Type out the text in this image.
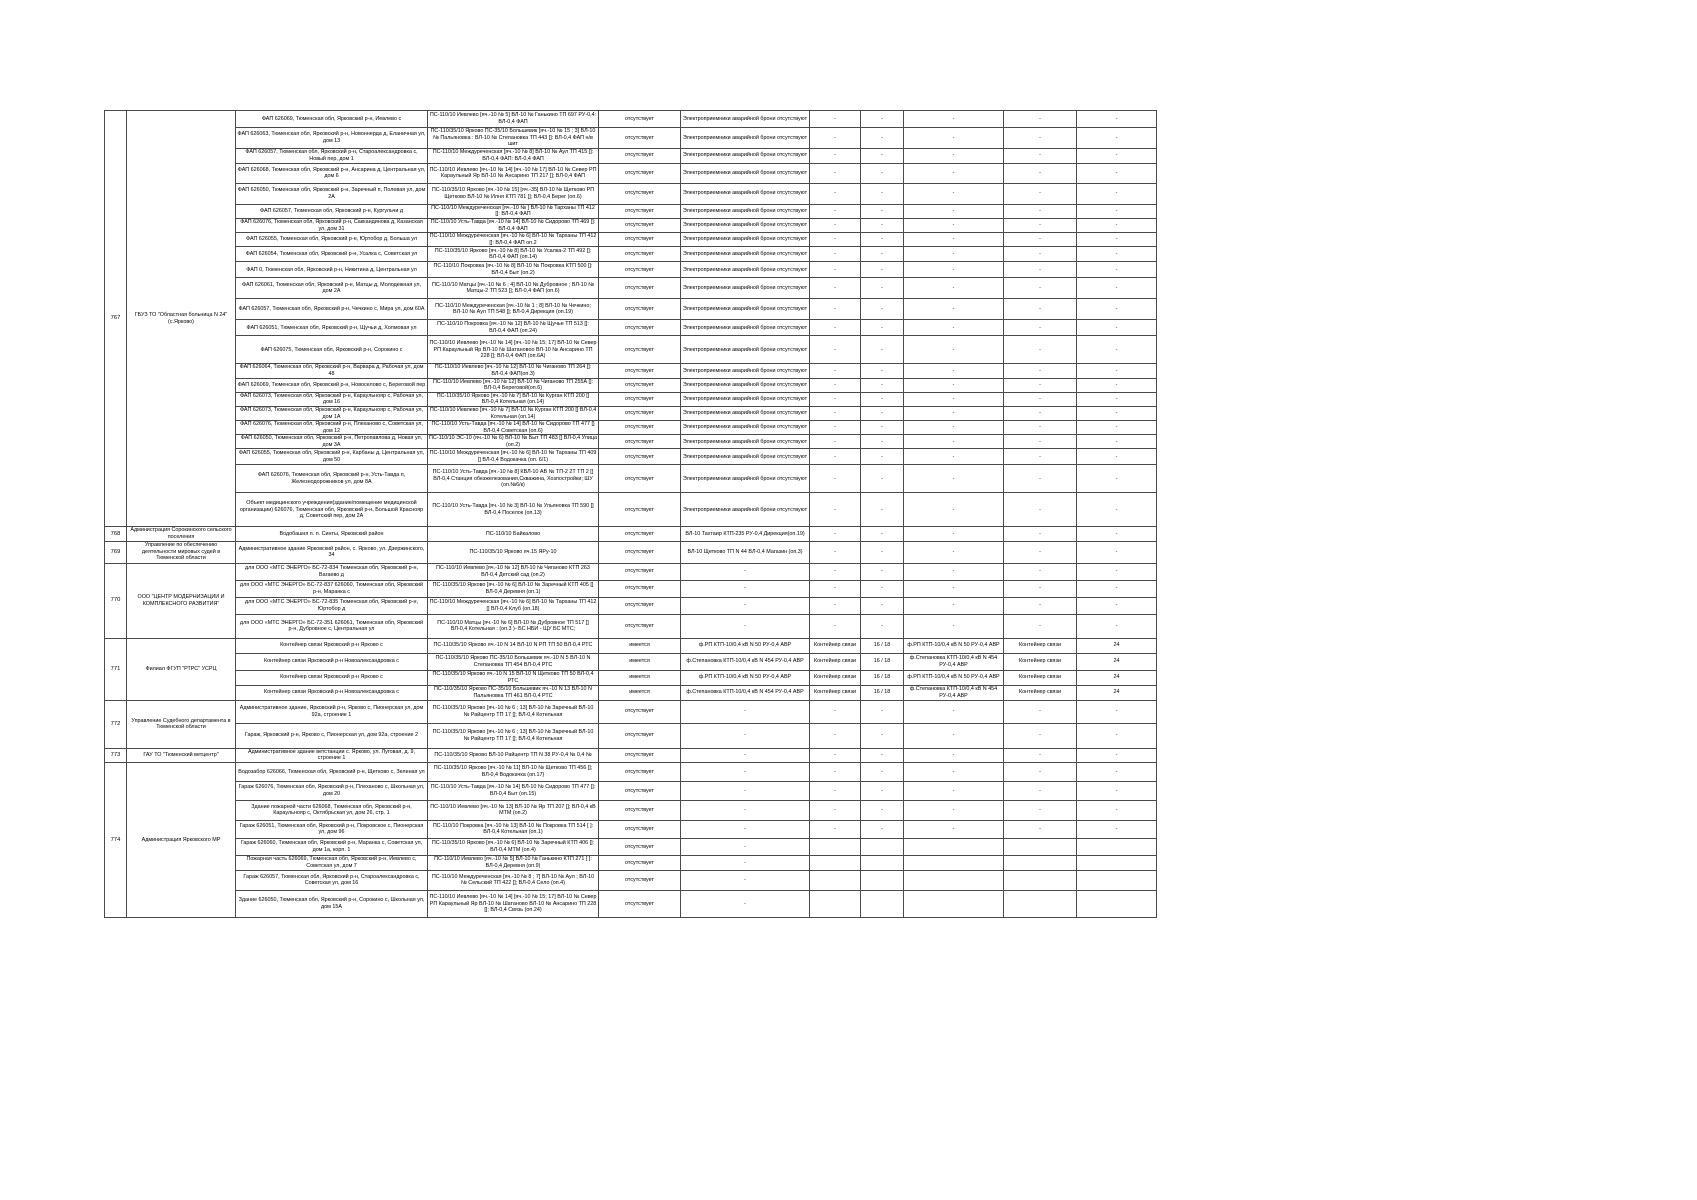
767	ГБУЗ ТО "Областная больница N 24" (с.Ярково)	ФАП 626069, Тюменская обл, Ярковский р-н, Иевлево с	ПС-110/10 Иевлево [яч.-10 № 5] ВЛ-10 № Ганькино ТП 697 РУ-0,4: ВЛ-0,4 ФАП	отсутствует	Электроприемники аварийной брони отсутствуют	-	-	-	-	-
		ФАП 626063, Тюменская обл, Ярковский р-н, Новоннерда д, Еланичная ул, дом 13	ПС-110/35/10 Ярково ПС-35/10 Большевик [яч.-10 № 15 ; 3] ВЛ-10 № Пальяновка : ВЛ-10 № Степановка ТП 443 []: ВЛ-0,4 ФАП н/в шит	отсутствует	Электроприемники аварийной брони отсутствуют	-	-	-	-	-
		ФАП 626057, Тюменская обл, Ярковский р-н, Староалександровка с, Новый пер, дом 1	ПС-110/10 Междуреченская [яч.-10 № 8] ВЛ-10 № Аул ТП 415 []: ВЛ-0,4 ФАП: ВЛ-0,4 ФАП	отсутствует	Электроприемники аварийной брони отсутствуют	-	-	-	-	-
		ФАП 626068, Тюменская обл, Ярковский р-н, Ансарина д, Центральная ул, дом 6	ПС-110/10 Иевлево [яч.-10 № 14] [яч.-10 № 17] ВЛ-10 № Север РП Караульный Яр ВЛ-10 № Ансарино ТП 217 []; ВЛ-0,4 ФАП	отсутствует	Электроприемники аварийной брони отсутствуют	-	-	-	-	-
		ФАП 626050, Тюменская обл, Ярковский р-н, Заречный п, Полевая ул, дом 2А	ПС-110/35/10 Ярково [яч.-10 № 15] [яч.-35] ВЛ-10 № Щетково РП Щетково ВЛ-10 № Илня КТП 781 []; ВЛ-0,4 Берег (оп.6)	отсутствует	Электроприемники аварийной брони отсутствуют	-	-	-	-	-
		ФАП 626057, Тюменская обл, Ярковский р-н, Кургульчи д	ПС-110/10 Междуреченская [яч.-10 № ] ВЛ-10 № Тарханы ТП 412 []: ВЛ-0,4 ФАП	отсутствует	Электроприемники аварийной брони отсутствуют	-	-	-	-	-
		ФАП 626076, Тюменская обл, Ярковский р-н, Саккандинова д, Казанская ул, дом 31	ПС-110/10 Усть-Тавда [яч.-10 № 14] ВЛ-10 № Сидорово ТП 469 []: ВЛ-0,4 ФАП	отсутствует	Электроприемники аварийной брони отсутствуют	-	-	-	-	-
		ФАП 626055, Тюменская обл, Ярковский р-н, Юртобор д, Больша ул	ПС-110/10 Междуреченская [яч.-10 № 6] ВЛ-10 № Тарханы ТП 412 []: ВЛ-0,4 ФАП оп.2	отсутствует	Электроприемники аварийной брони отсутствуют	-	-	-	-	-
		ФАП 626054, Тюменская обл, Ярковский р-н, Усалка с, Советская ул	ПС-110/35/10 Ярково [яч.-10 № 8] ВЛ-10 № Усалка-2 ТП 492 []: ВЛ-0,4 ФАП (оп.14)	отсутствует	Электроприемники аварийной брони отсутствуют	-	-	-	-	-
		ФАП 0, Тюменская обл, Ярковский р-н, Никитина д, Центральная ул	ПС-110/10 Покровка [яч.-10 № 8] ВЛ-10 № Покровка КТП 500 []: ВЛ-0,4 Быт (оп.2)	отсутствует	Электроприемники аварийной брони отсутствуют	-	-	-	-	-
		ФАП 626061, Тюменская обл, Ярковский р-н, Матцы д, Молодежная ул, дом 2А	ПС-110/10 Матцы [яч.-10 № 6 ; 4] ВЛ-10 № Дубровное ; ВЛ-10 № Матцы-2 ТП 523 []; ВЛ-0,4 ФАП (оп.6)	отсутствует	Электроприемники аварийной брони отсутствуют	-	-	-	-	-
		ФАП 626057, Тюменская обл, Ярковский р-н, Чечкино с, Мира ул, дом 60А	ПС-110/10 Междуреченская [яч.-10 № 1 ; 8] ВЛ-10 № Чечкино; ВЛ-10 № Аул ТП 548 []; ВЛ-0,4 Дирекция (оп.19)	отсутствует	Электроприемники аварийной брони отсутствуют	-	-	-	-	-
		ФАП 626051, Тюменская обл, Ярковский р-н, Щучьи д, Холмовая ул	ПС-110/10 Покровка [яч.-10 № 12] ВЛ-10 № Щучье ТП 513 []: ВЛ-0,4 ФАП (оп.24)	отсутствует	Электроприемники аварийной брони отсутствуют	-	-	-	-	-
		ФАП 626075, Тюменская обл, Ярковский р-н, Сорокино с	ПС-110/10 Иевлево [яч.-10 № 14] [яч.-10 № 15; 17] ВЛ-10 № Север РП Караульный Яр ВЛ-10 № Шатановоо ВЛ-10 № Ансарино ТП 228 []; ВЛ-0,4 ФАП (оп.6А)	отсутствует	Электроприемники аварийной брони отсутствуют	-	-	-	-	-
		ФАП 626064, Тюменская обл, Ярковский р-н, Варвара д, Рабочая ул, дом 48	ПС-110/10 Иевлево [яч.-10 № 12] ВЛ-10 № Чиганово ТП 264 []: ВЛ-0,4 ФАП(оп.3)	отсутствует	Электроприемники аварийной брони отсутствуют	-	-	-	-	-
		ФАП 626069, Тюменская обл, Ярковский р-н, Новоселово с, Береговой пер	ПС-110/10 Иевлево [яч.-10 № 12] ВЛ-10 № Чиганово ТП 255А []: ВЛ-0,4 Береговой(оп.6)	отсутствует	Электроприемники аварийной брони отсутствуют	-	-	-	-	-
		ФАП 626073, Тюменская обл, Ярковский р-н, Караульнояр с, Рабочая ул, дом 16	ПС-110/35/10 Ярково [яч.-10 № 7] ВЛ-10 № Курган КТП 200 [] ВЛ-0,4 Котельная (оп.14)	отсутствует	Электроприемники аварийной брони отсутствуют	-	-	-	-	-
		ФАП 626073, Тюменская обл, Ярковский р-н, Караульнояр с, Рабочая ул, дом 1А	ПС-110/10 Иевлево [яч.-10 № 7] ВЛ-10 № Курган КТП 200 [] ВЛ-0,4 Котельная (оп.14)	отсутствует	Электроприемники аварийной брони отсутствуют	-	-	-	-	-
		ФАП 626076, Тюменская обл, Ярковский р-н, Плеханово с, Советская ул, дом 12	ПС-110/10 Усть-Тавда [яч.-10 № 14] ВЛ-10 № Сидорово ТП 477 [] ВЛ-0,4 Советская (оп.6)	отсутствует	Электроприемники аварийной брони отсутствуют	-	-	-	-	-
		ФАП 626050, Тюменская обл, Ярковский р-н, Петропавлова д, Новая ул, дом 3А	ПС-110/10 ЭС-10 (яч.-10 № 6) ВЛ-10 № Быт ТП 483 [] ВЛ-0,4 Улица (оп.2)	отсутствует	Электроприемники аварийной брони отсутствуют	-	-	-	-	-
		ФАП 626055, Тюменская обл, Ярковский р-н, Карбаны д, Центральная ул, дом 50	ПС-110/10 Междуреченская [яч.-10 № 6] ВЛ-10 № Тарханы ТП 409 [] ВЛ-0,4 Водокачка (оп. 6/1)	отсутствует	Электроприемники аварийной брони отсутствуют	-	-	-	-	-
		ФАП 626076, Тюменская обл, Ярковский р-н, Усть-Тавда п, Железнодорожников ул, дом 8А	ПС-110/10 Усть-Тавда [яч.-10 № 8] КВЛ-10 АВ № ТП-2 2Т ТП 2 [] ВЛ-0,4 Станция обезжелезования,Скважина, Хозпостройки; ШУ (оп.№6/к)	отсутствует	Электроприемники аварийной брони отсутствуют	-	-	-	-	-
		Объект медицинского учреждения(здание/помещение медицинской организации) 626076, Тюменская обл, Ярковский р-н, Большой Краснояр д, Советский пер, дом 2А	ПС-110/10 Усть-Тавда [яч.-10 № 3] ВЛ-10 № Ульяновка ТП 590 [] ВЛ-0,4 Поселок (оп.13)	отсутствует	Электроприемники аварийной брони отсутствуют	-	-	-	-	-
768	Администрация Сорокинского сельского поселения	Водобашня п. п. Синты, Ярковский район	ПС-110/10 Байкалово	отсутствует	ВЛ-10 Тахтаир КТП-235 РУ-0,4 Дирекция(оп.19)	-	-	-	-	-
769	Управление по обеспечению деятельности мировых судей в Тюменской области	Административное здание Ярковский район, с. Ярково, ул. Дзержинского, 34	ПС-110/35/10 Ярково яч.15 ЯРу-10	отсутствует	ВЛ-10 Щетково ТП N 44 ВЛ-0,4 Магазин (оп.3)	-	-	-	-	-
770	ООО "ЦЕНТР МОДЕРНИЗАЦИИ И КОМПЛЕКСНОГО РАЗВИТИЯ"	для ООО «МТС ЭНЕРГО» БС-72-834 Тюменская обл, Ярковский р-н, Вагаево д	ПС-110/10 Иевлево [яч.-10 № 12] ВЛ-10 № Чиганово КТП 263 ВЛ-0,4 Детский сад (оп.2)	отсутствует	-	-	-	-	-	-
		для ООО «МТС ЭНЕРГО» БС-72-837 626060, Тюменская обл, Ярковский р-н, Маранка с	ПС-110/35/10 Ярково [яч.-10 № 6] ВЛ-10 № Заречный КТП 405 [] ВЛ-0,4 Деревня (оп.1)	отсутствует	-	-	-	-	-	-
		для ООО «МТС ЭНЕРГО» БС-72-835 Тюменская обл, Ярковский р-н, Юртобор д	ПС-110/10 Междуреченская [яч.-10 № 6] ВЛ-10 № Тарханы ТП 412 [] ВЛ-0,4 Клуб (оп.18)	отсутствует	-	-	-	-	-	-
		для ООО «МТС ЭНЕРГО» БС-72-351 626061, Тюменская обл, Ярковский р-н, Дубровное с, Центральная ул	ПС-110/10 Матцы [яч.-10 № 6] ВЛ-10 № Дубровное ТП 517 [] ВЛ-0,4 Котельная : (оп.3 )- БС НБИ - ЩУ БС МТС;	отсутствует	-	-	-	-	-	-
771	Филиал ФГУП "РТРС" УСРЦ	Контейнер связи Ярковский р-н Ярково с	ПС-110/35/10 Ярково яч.-10 N 14 ВЛ-10 N РП ТП 50 ВЛ-0,4 РТС	имеется	ф.РП КТП-10/0,4 кВ N 50 РУ-0,4 АВР	Контейнер связи	16 / 18	ф.РП КТП-10/0,4 кВ N 50 РУ-0,4 АВР	Контейнер связи	24
		Контейнер связи Ярковский р-н Новоалександровка с	ПС-110/35/10 Ярково ПС-35/10 Большевик яч.-10 N 5 ВЛ-10 N Степановка ТП 454 ВЛ-0,4 РТС	имеется	ф.Степановка КТП-10/0,4 кВ N 454 РУ-0,4 АВР	Контейнер связи	16 / 18	ф.Степановка КТП-10/0,4 кВ N 454 РУ-0,4 АВР	Контейнер связи	24
		Контейнер связи Ярковский р-н Ярково с	ПС-110/35/10 Ярково яч.-10 N 15 ВЛ-10 N Щетково ТП 50 ВЛ-0,4 РТС	имеется	ф.РП КТП-10/0,4 кВ N 50 РУ-0,4 АВР	Контейнер связи	16 / 18	ф.РП КТП-10/0,4 кВ N 50 РУ-0,4 АВР	Контейнер связи	24
		Контейнер связи Ярковский р-н Новоалександровка с	ПС-110/35/10 Ярково ПС-35/10 Большевик яч.-10 N 13 ВЛ-10 N Пальяновка ТП 461 ВЛ-0,4 РТС	имеется	ф.Степановка КТП-10/0,4 кВ N 454 РУ-0,4 АВР	Контейнер связи	16 / 18	ф.Степановка КТП-10/0,4 кВ N 454 РУ-0,4 АВР	Контейнер связи	24
772	Управление Судебного департамента в Тюменской области	Административное здание, Ярковский р-н, Ярково с, Пионерская ул, дом 92а, строение 1	ПС-110/35/10 Ярково [яч.-10 № 6 ; 13] ВЛ-10 № Заречный ВЛ-10 № Райцентр ТП 17 []; ВЛ-0,4 Котельная	отсутствует	-	-	-	-	-	-
		Гараж, Ярковский р-н, Ярково с, Пионерская ул, дом 92а, строение 2	ПС-110/35/10 Ярково [яч.-10 № 6 ; 13] ВЛ-10 № Заречный ВЛ-10 № Райцентр ТП 17 []; ВЛ-0,4 Котельная	отсутствует	-	-	-	-	-	-
773	ГАУ ТО "Тюменский ветцентр"	Административное здание ветстанции с. Ярково, ул. Луговая, д. 9, строение 1	ПС-110/35/10 Ярково ВЛ-10 Райцентр ТП N 38 РУ-0,4 № 0,4 №	отсутствует	-	-	-	-	-	-
774	Администрация Ярковского МР	Водозабор 626066, Тюменская обл, Ярковский р-н, Щетково с, Зеленая ул	ПС-110/35/10 Ярково [яч.-10 № 11] ВЛ-10 № Щетково ТП 456 []; ВЛ-0,4 Водокачка (оп.17)	отсутствует	-	-	-	-	-	-
		Гараж 626076, Тюменская обл, Ярковский р-н, Плеханово с, Школьная ул, дом 20	ПС-110/10 Усть-Тавда [яч.-10 № 14] ВЛ-10 № Сидорово ТП 477 []: ВЛ-0,4 Быт (оп.15)	отсутствует	-	-	-	-	-	-
		Здание пожарной части 626068, Тюменская обл, Ярковский р-н, Караульнояр с, Октябрьская ул, дом 26, стр. 1	ПС-110/10 Иевлево [яч.-10 № 13] ВЛ-10 № Яр ТП 207 []; ВЛ-0,4 кВ МТМ (оп.2)	отсутствует	-	-	-	-	-	-
		Гараж 626051, Тюменская обл, Ярковский р-н, Покровское с, Пионерская ул, дом 96	ПС-110/10 Покровка [яч.-10 № 13] ВЛ-10 № Покровка ТП 514 [ ]: ВЛ-0,4 Котельная (оп.1)	отсутствует	-	-	-	-	-	-
		Гараж 626060, Тюменская обл, Ярковский р-н, Маранка с, Советская ул, дом 1а, корп. 1	ПС-110/35/10 Ярково [яч.-10 № 6] ВЛ-10 № Заречный КТП 406 []: ВЛ-0,4 МТМ (оп.4)	отсутствует	-					
		Пожарная часть 626069, Тюменская обл, Ярковский р-н, Иевлево с, Советская ул, дом 7	ПС-110/10 Иевлево [яч.-10 № 5] ВЛ-10 № Ганькино КТП 271 [ ]: ВЛ-0,4 Деревня (оп.9)	отсутствует	-					
		Гараж 626057, Тюменская обл, Ярковский р-н, Староалександровка с, Советская ул, дом 16	ПС-110/10 Междуреченская [яч.-10 № 8 ; 7] ВЛ-10 № Аул ; ВЛ-10 № Сельский ТП 422 []; ВЛ-0,4 Село (оп.4)	отсутствует	-					
		Здание 626050, Тюменская обл, Ярковский р-н, Сорокино с, Школьная ул, дом 15А	ПС-110/10 Иевлево [яч.-10 № 14] [яч.-10 № 15; 17] ВЛ-10 № Север РП Караульный Яр ВЛ-10 № Шатаново ВЛ-10 № Ансарино ТП 228 []; ВЛ-0,4 Связь (оп.24)	отсутствует	-					
